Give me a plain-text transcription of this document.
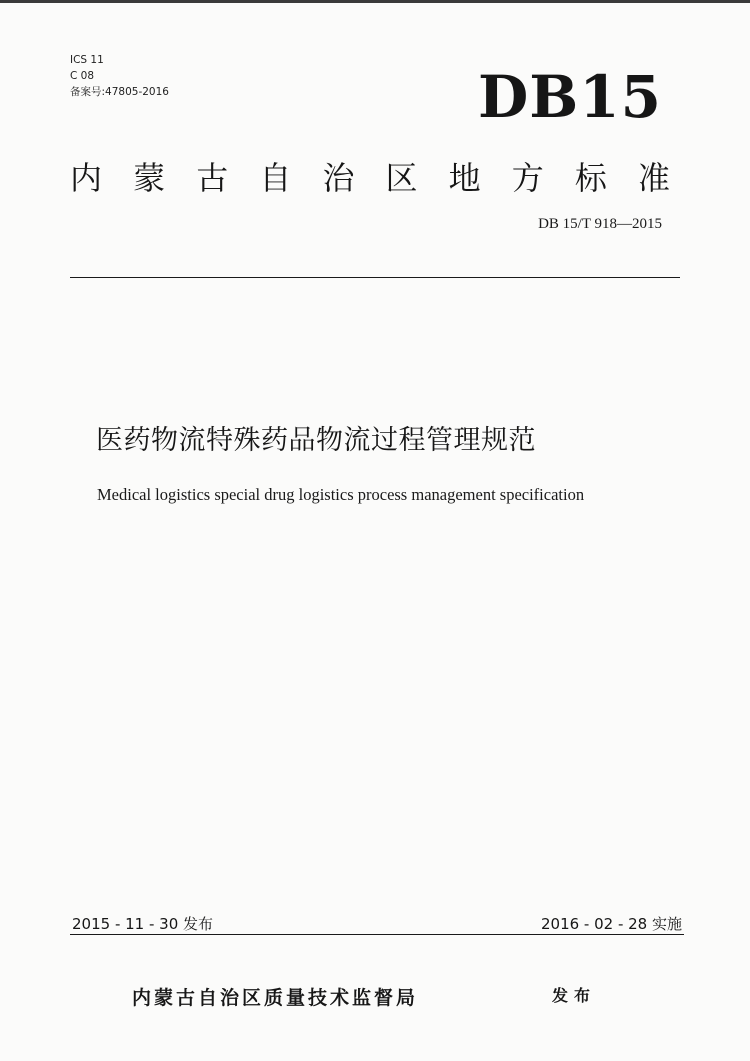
ICS 11
C 08
备案号:47805-2016	DB15
内 蒙 古 自 治 区 地 方 标 准
DB 15/T 918—2015
医药物流特殊药品物流过程管理规范
Medical logistics special drug logistics process management specification
2015 - 11 - 30 发布	2016 - 02 - 28 实施
内蒙古自治区质量技术监督局	发布
